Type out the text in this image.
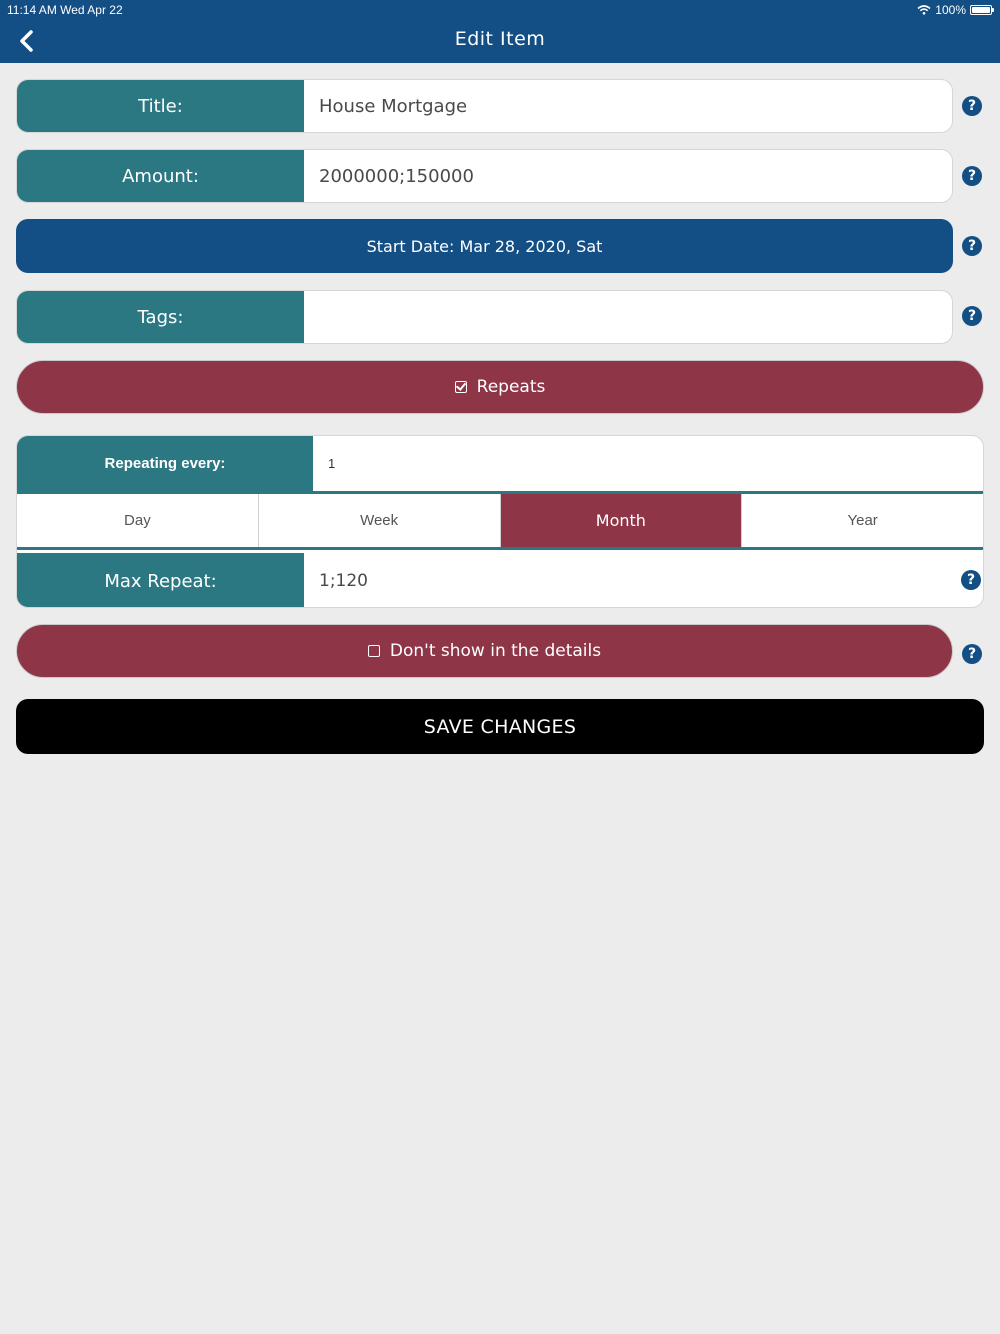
11:14 AM Wed Apr 22	100%
Edit Item
Title:	House Mortgage	?
Amount:	2000000;150000	?
Start Date: Mar 28, 2020, Sat	?
Tags:	?
Repeats
Repeating every:	1
Day	Week	Month	Year
Max Repeat:	1;120	?
Don't show in the details	?
SAVE CHANGES
